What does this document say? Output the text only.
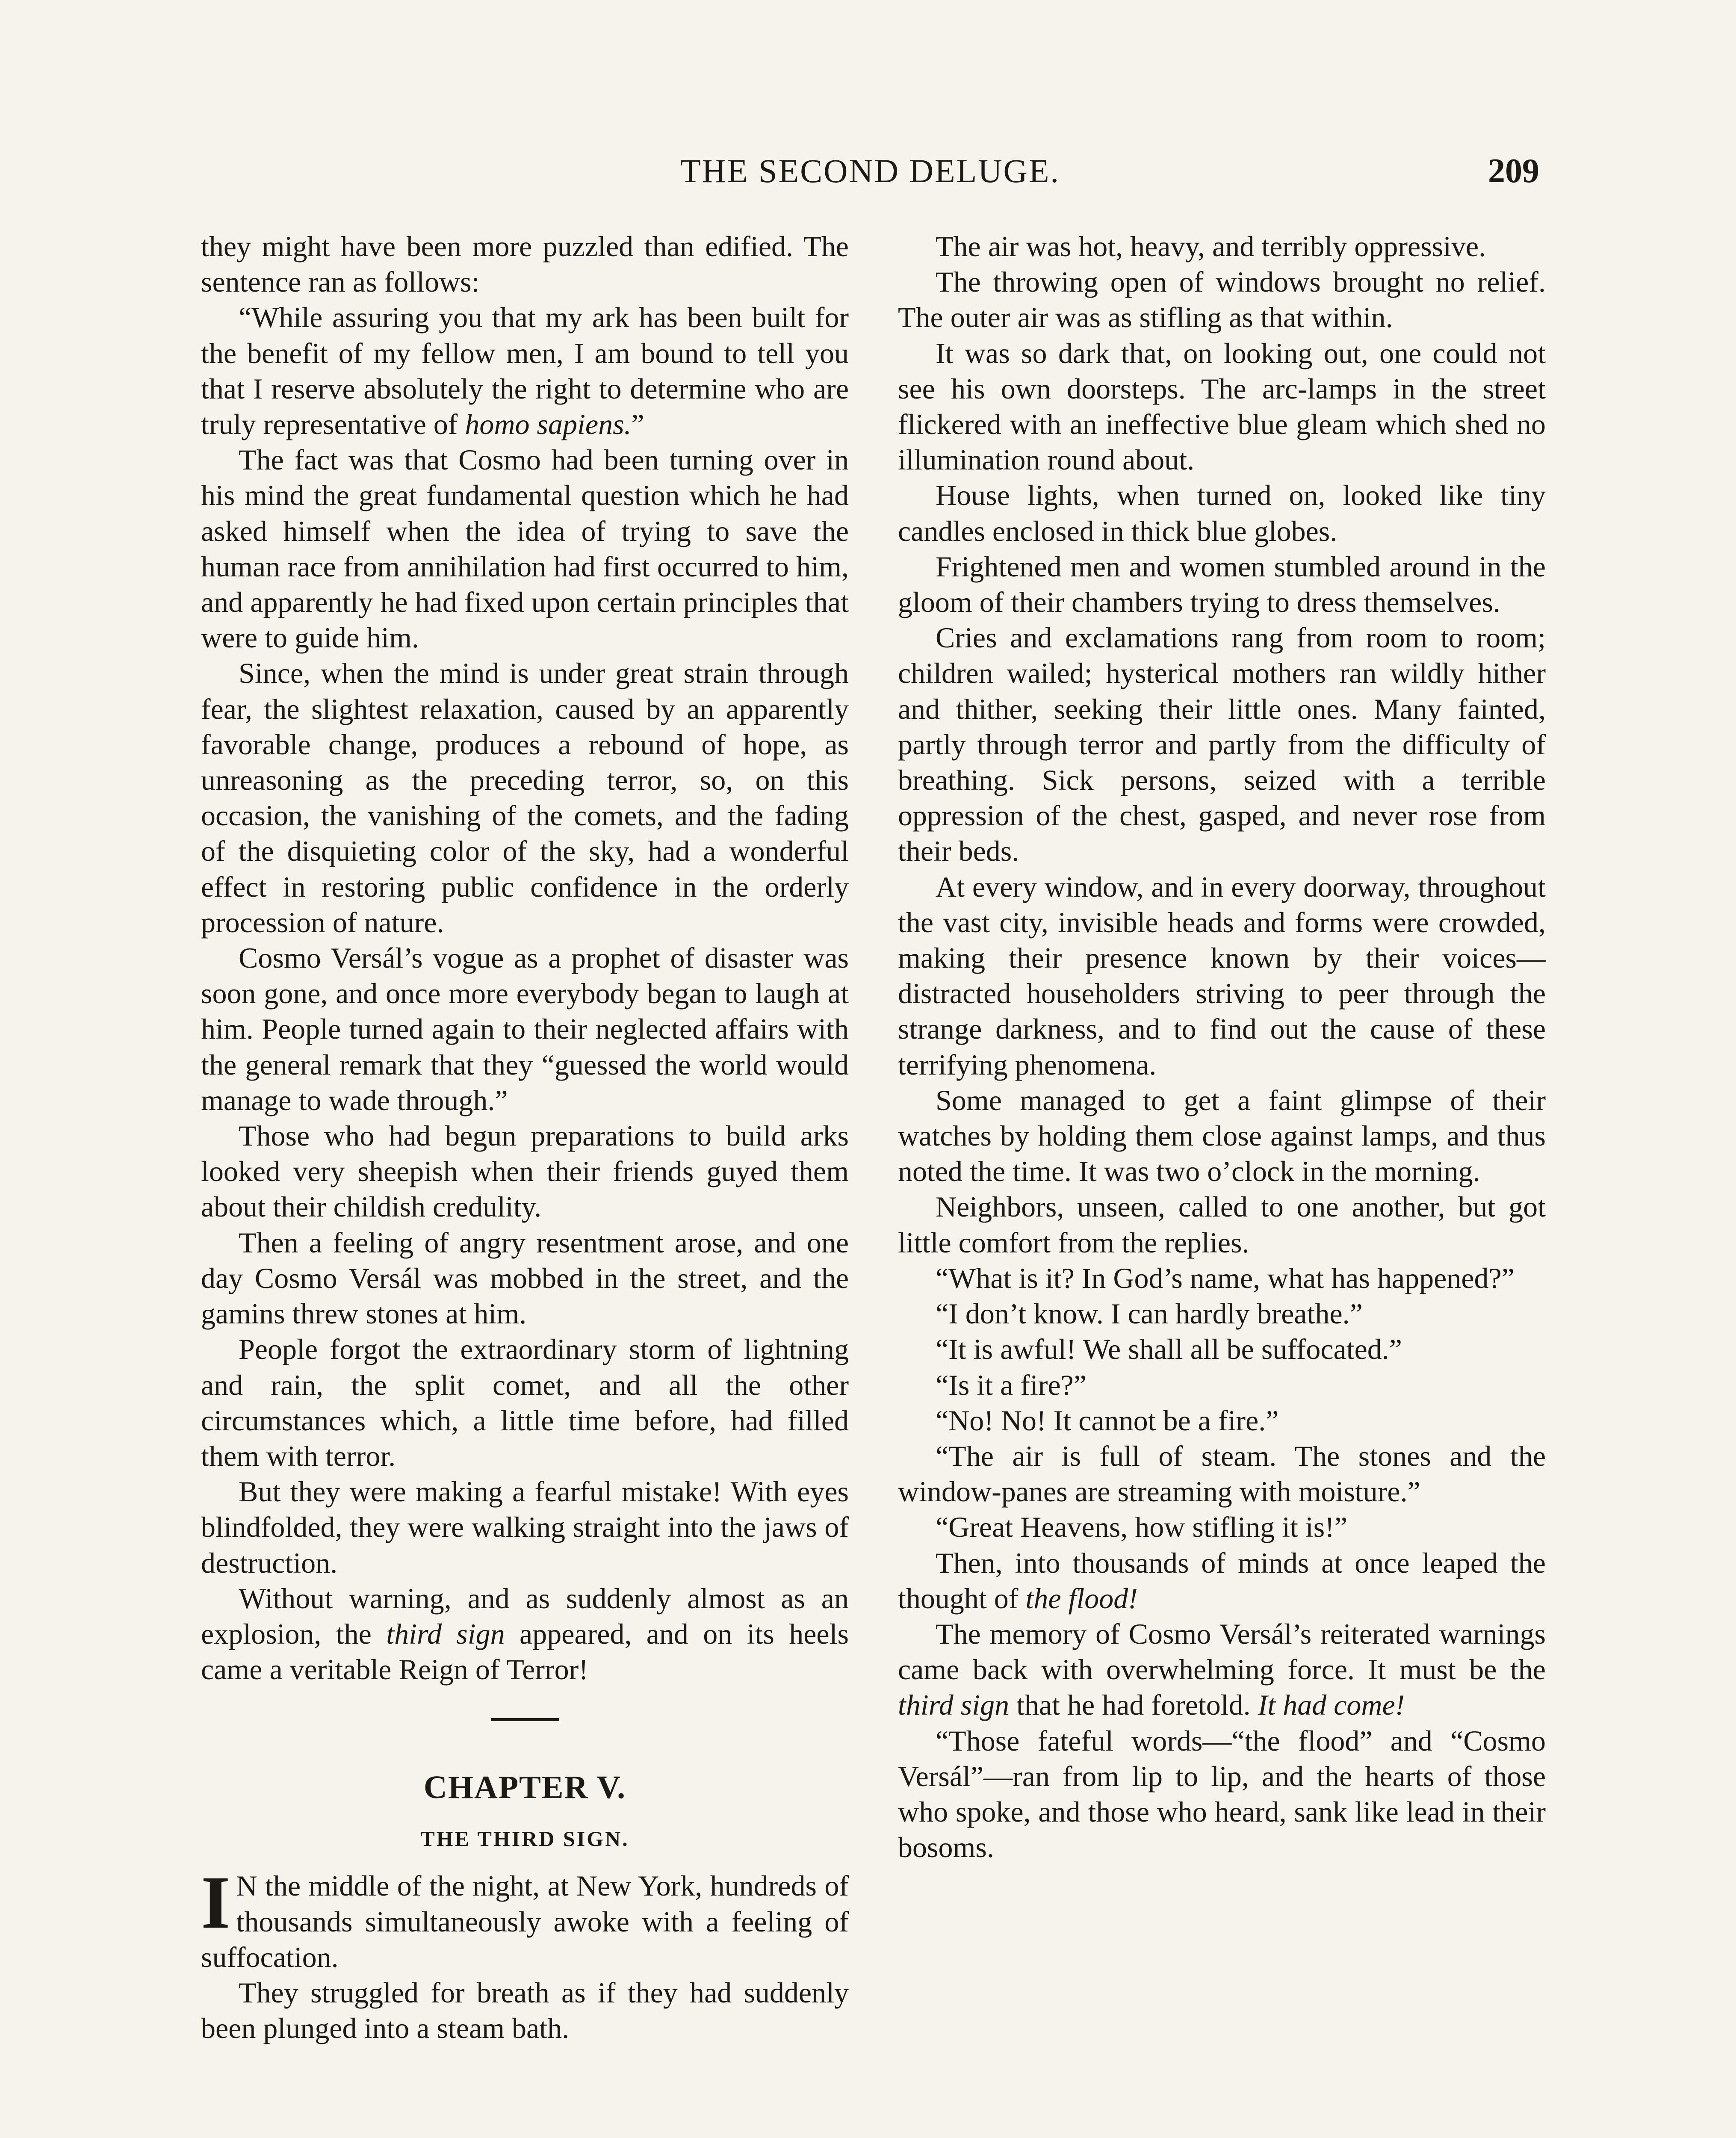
THE SECOND DELUGE.	209

they might have been more puzzled than edified. The sentence ran as follows:

“While assuring you that my ark has been built for the benefit of my fellow men, I am bound to tell you that I reserve absolutely the right to determine who are truly representative of homo sapiens.”

The fact was that Cosmo had been turning over in his mind the great fundamental question which he had asked himself when the idea of trying to save the human race from annihilation had first occurred to him, and apparently he had fixed upon certain principles that were to guide him.

Since, when the mind is under great strain through fear, the slightest relaxation, caused by an apparently favorable change, produces a rebound of hope, as unreasoning as the preceding terror, so, on this occasion, the vanishing of the comets, and the fading of the disquieting color of the sky, had a wonderful effect in restoring public confidence in the orderly procession of nature.

Cosmo Versál’s vogue as a prophet of disaster was soon gone, and once more everybody began to laugh at him. People turned again to their neglected affairs with the general remark that they “guessed the world would manage to wade through.”

Those who had begun preparations to build arks looked very sheepish when their friends guyed them about their childish credulity.

Then a feeling of angry resentment arose, and one day Cosmo Versál was mobbed in the street, and the gamins threw stones at him.

People forgot the extraordinary storm of lightning and rain, the split comet, and all the other circumstances which, a little time before, had filled them with terror.

But they were making a fearful mistake! With eyes blindfolded, they were walking straight into the jaws of destruction.

Without warning, and as suddenly almost as an explosion, the third sign appeared, and on its heels came a veritable Reign of Terror!

CHAPTER V.
THE THIRD SIGN.

I N the middle of the night, at New York, hundreds of thousands simultaneously awoke with a feeling of suffocation.

They struggled for breath as if they had suddenly been plunged into a steam bath.

The air was hot, heavy, and terribly oppressive.

The throwing open of windows brought no relief. The outer air was as stifling as that within.

It was so dark that, on looking out, one could not see his own doorsteps. The arc-lamps in the street flickered with an ineffective blue gleam which shed no illumination round about.

House lights, when turned on, looked like tiny candles enclosed in thick blue globes.

Frightened men and women stumbled around in the gloom of their chambers trying to dress themselves.

Cries and exclamations rang from room to room; children wailed; hysterical mothers ran wildly hither and thither, seeking their little ones. Many fainted, partly through terror and partly from the difficulty of breathing. Sick persons, seized with a terrible oppression of the chest, gasped, and never rose from their beds.

At every window, and in every doorway, throughout the vast city, invisible heads and forms were crowded, making their presence known by their voices—distracted householders striving to peer through the strange darkness, and to find out the cause of these terrifying phenomena.

Some managed to get a faint glimpse of their watches by holding them close against lamps, and thus noted the time. It was two o’clock in the morning.

Neighbors, unseen, called to one another, but got little comfort from the replies.

“What is it? In God’s name, what has happened?”

“I don’t know. I can hardly breathe.”

“It is awful! We shall all be suffocated.”

“Is it a fire?”

“No! No! It cannot be a fire.”

“The air is full of steam. The stones and the window-panes are streaming with moisture.”

“Great Heavens, how stifling it is!”

Then, into thousands of minds at once leaped the thought of the flood!

The memory of Cosmo Versál’s reiterated warnings came back with overwhelming force. It must be the third sign that he had foretold. It had come!

“Those fateful words—“the flood” and “Cosmo Versál”—ran from lip to lip, and the hearts of those who spoke, and those who heard, sank like lead in their bosoms.
